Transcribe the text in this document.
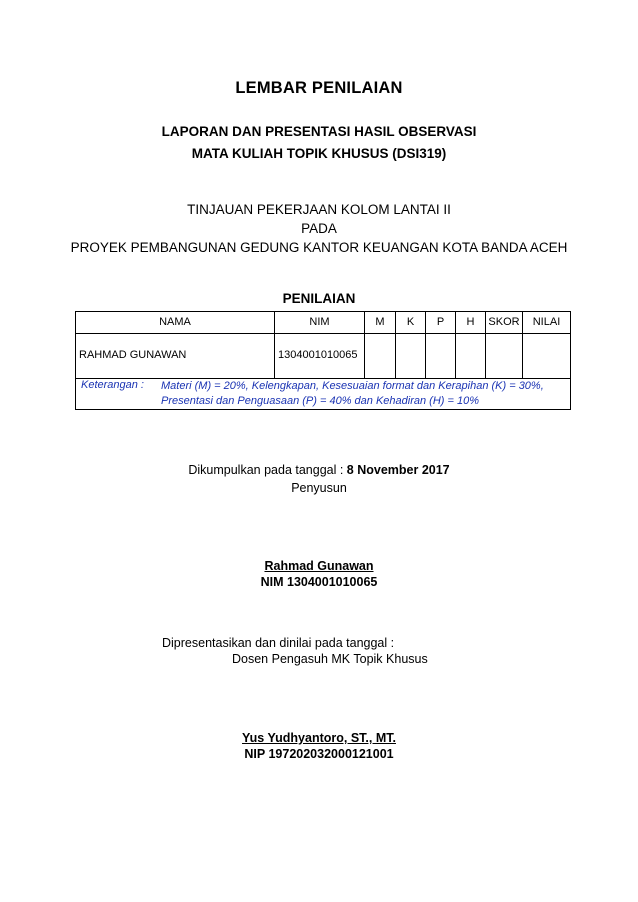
LEMBAR PENILAIAN
LAPORAN DAN PRESENTASI HASIL OBSERVASI
MATA KULIAH TOPIK KHUSUS (DSI319)
TINJAUAN PEKERJAAN KOLOM LANTAI II
PADA
PROYEK PEMBANGUNAN GEDUNG KANTOR KEUANGAN KOTA BANDA ACEH
PENILAIAN
NAMA	NIM	M	K	P	H	SKOR	NILAI
RAHMAD GUNAWAN	1304001010065						
Keterangan : Materi (M) = 20%, Kelengkapan, Kesesuaian format dan Kerapihan (K) = 30%, Presentasi dan Penguasaan (P) = 40% dan Kehadiran (H) = 10%							
Dikumpulkan pada tanggal : 8 November 2017
Penyusun
Rahmad Gunawan
NIM 1304001010065
Dipresentasikan dan dinilai pada tanggal :
Dosen Pengasuh MK Topik Khusus
Yus Yudhyantoro, ST., MT.
NIP 197202032000121001
